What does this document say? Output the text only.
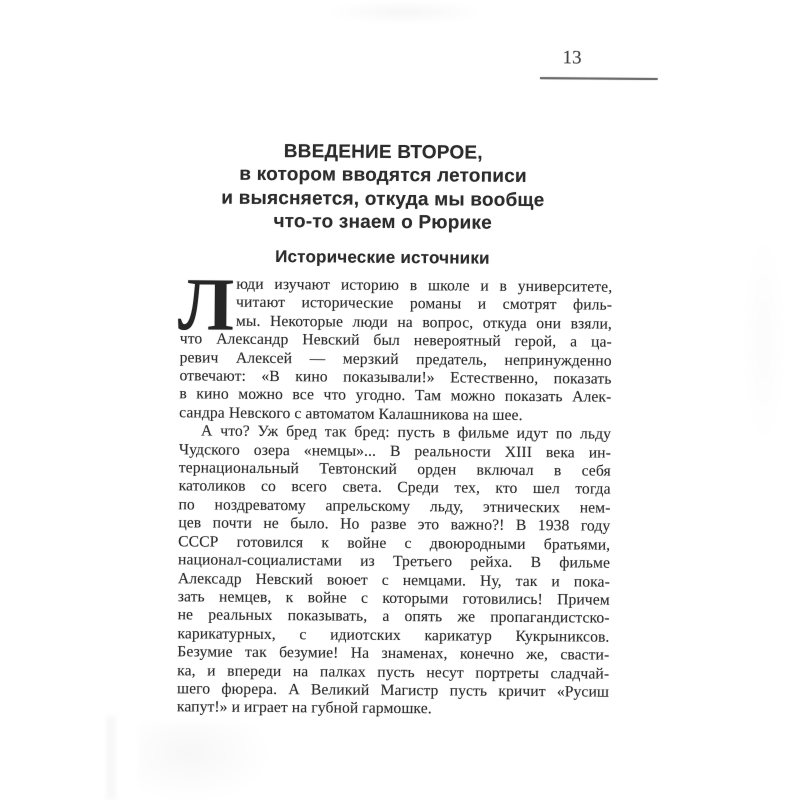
13
ВВЕДЕНИЕ ВТОРОЕ,
в котором вводятся летописи
и выясняется, откуда мы вообще
что-то знаем о Рюрике
Исторические источники
Л юди изучают историю в школе и в университете,
читают исторические романы и смотрят филь-
мы. Некоторые люди на вопрос, откуда они взяли,
что Александр Невский был невероятный герой, а ца-
ревич Алексей — мерзкий предатель, непринужденно
отвечают: «В кино показывали!» Естественно, показать
в кино можно все что угодно. Там можно показать Алек-
сандра Невского с автоматом Калашникова на шее.
А что? Уж бред так бред: пусть в фильме идут по льду
Чудского озера «немцы»... В реальности XIII века ин-
тернациональный Тевтонский орден включал в себя
католиков со всего света. Среди тех, кто шел тогда
по ноздреватому апрельскому льду, этнических нем-
цев почти не было. Но разве это важно?! В 1938 году
СССР готовился к войне с двоюродными братьями,
национал-социалистами из Третьего рейха. В фильме
Алексадр Невский воюет с немцами. Ну, так и пока-
зать немцев, к войне с которыми готовились! Причем
не реальных показывать, а опять же пропагандистско-
карикатурных, с идиотских карикатур Кукрыниксов.
Безумие так безумие! На знаменах, конечно же, свасти-
ка, и впереди на палках пусть несут портреты сладчай-
шего фюрера. А Великий Магистр пусть кричит «Русиш
капут!» и играет на губной гармошке.
